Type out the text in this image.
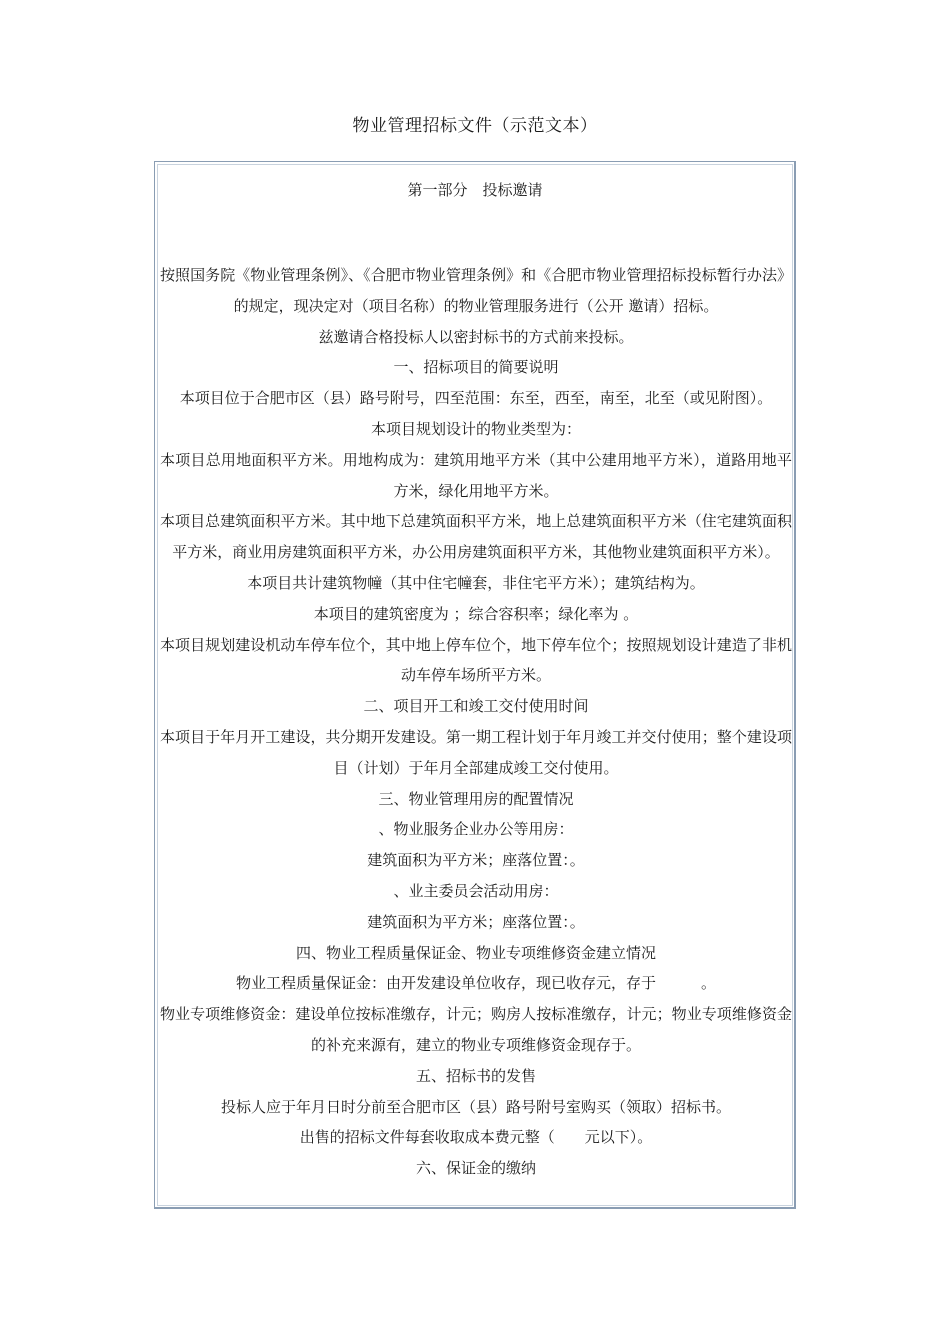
物业管理招标文件（示范文本）
第一部分　投标邀请

按照国务院《物业管理条例》、《合肥市物业管理条例》和《合肥市物业管理招标投标暂行办法》的规定，现决定对（项目名称）的物业管理服务进行（公开 邀请）招标。

兹邀请合格投标人以密封标书的方式前来投标。

一、招标项目的简要说明

本项目位于合肥市区（县）路号附号，四至范围：东至，西至，南至，北至（或见附图）。

本项目规划设计的物业类型为：

本项目总用地面积平方米。用地构成为：建筑用地平方米（其中公建用地平方米），道路用地平方米，绿化用地平方米。

本项目总建筑面积平方米。其中地下总建筑面积平方米，地上总建筑面积平方米（住宅建筑面积平方米，商业用房建筑面积平方米，办公用房建筑面积平方米，其他物业建筑面积平方米）。

本项目共计建筑物幢（其中住宅幢套，非住宅平方米）；建筑结构为。

本项目的建筑密度为 ；综合容积率；绿化率为 。

本项目规划建设机动车停车位个，其中地上停车位个，地下停车位个；按照规划设计建造了非机动车停车场所平方米。

二、项目开工和竣工交付使用时间

本项目于年月开工建设，共分期开发建设。第一期工程计划于年月竣工并交付使用；整个建设项目（计划）于年月全部建成竣工交付使用。

三、物业管理用房的配置情况

、物业服务企业办公等用房：

建筑面积为平方米；座落位置：。

、业主委员会活动用房：

建筑面积为平方米；座落位置：。

四、物业工程质量保证金、物业专项维修资金建立情况

物业工程质量保证金：由开发建设单位收存，现已收存元，存于　　　。

物业专项维修资金：建设单位按标准缴存，计元；购房人按标准缴存，计元；物业专项维修资金的补充来源有，建立的物业专项维修资金现存于。

五、招标书的发售

投标人应于年月日时分前至合肥市区（县）路号附号室购买（领取）招标书。

出售的招标文件每套收取成本费元整（　　元以下）。

六、保证金的缴纳
